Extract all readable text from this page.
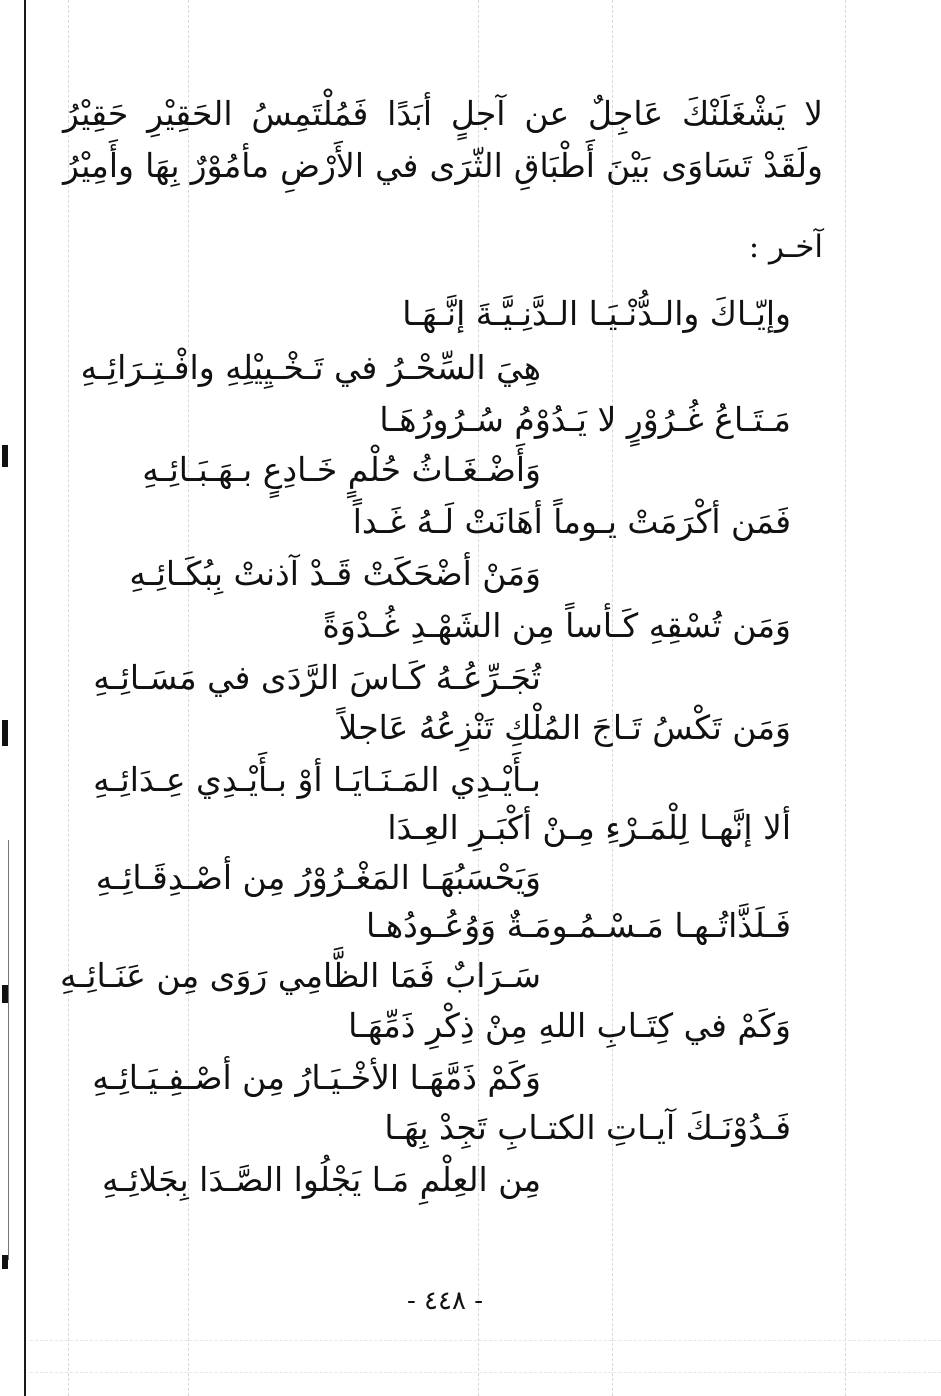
لا يَشْغَلَنْكَ عَاجِلٌ عن آجلٍ أبَدًا فَمُلْتَمِسُ الحَقِيْرِ حَقِيْرُ
ولَقَدْ تَسَاوَى بَيْنَ أَطْبَاقِ الثّرَى في الأَرْضِ مأمُوْرٌ بِهَا وأَمِيْرُ
آخـر :
وإيّـاكَ والـدُّنْـيَـا الـدَّنِـيَّـةَ إنَّـهَـا
هِيَ السِّحْـرُ في تَـخْـيِيْلِهِ وافْـتِـرَائِـهِ
مَـتَـاعُ غُـرُوْرٍ لا يَـدُوْمُ سُـرُورُهَـا
وَأَضْـغَـاثُ حُلْمٍ خَـادِعٍ بـهَـبَـائِـهِ
فَمَن أكْرَمَتْ يـوماً أهَانَتْ لَـهُ غَـداً
وَمَنْ أضْحَكَتْ قَـدْ آذنتْ بِبُكَـائِـهِ
وَمَن تُسْقِهِ كَـأساً مِن الشَهْـدِ غُـدْوَةً
تُجَـرِّعُـهُ كَـاسَ الرَّدَى في مَسَـائِـهِ
وَمَن تَكْسُ تَـاجَ المُلْكِ تَنْزِعُهُ عَاجلاً
بـأَيْـدِي المَـنَـايَـا أوْ بـأَيْـدِي عِـدَائِـهِ
ألا إنَّهـا لِلْمَـرْءِ مِـنْ أكْبَـرِ العِـدَا
وَيَحْسَبُهَـا المَغْـرُوْرُ مِن أصْـدِقَـائِـهِ
فَـلَذَّاتُـهـا مَـسْـمُـومَـةٌ وَوُعُـودُهـا
سَـرَابٌ فَمَا الظَّامِي رَوَى مِن عَنَـائِـهِ
وَكَمْ في كِتَـابِ اللهِ مِنْ ذِكْرِ ذَمِّهَـا
وَكَمْ ذَمَّهَـا الأخْـيَـارُ مِن أصْـفِـيَـائِـهِ
فَـدُوْنَـكَ آيـاتِ الكتـابِ تَجِدْ بِهَـا
مِن العِلْمِ مَـا يَجْلُوا الصَّـدَا بِجَلائِـهِ
- ٤٤٨ -
